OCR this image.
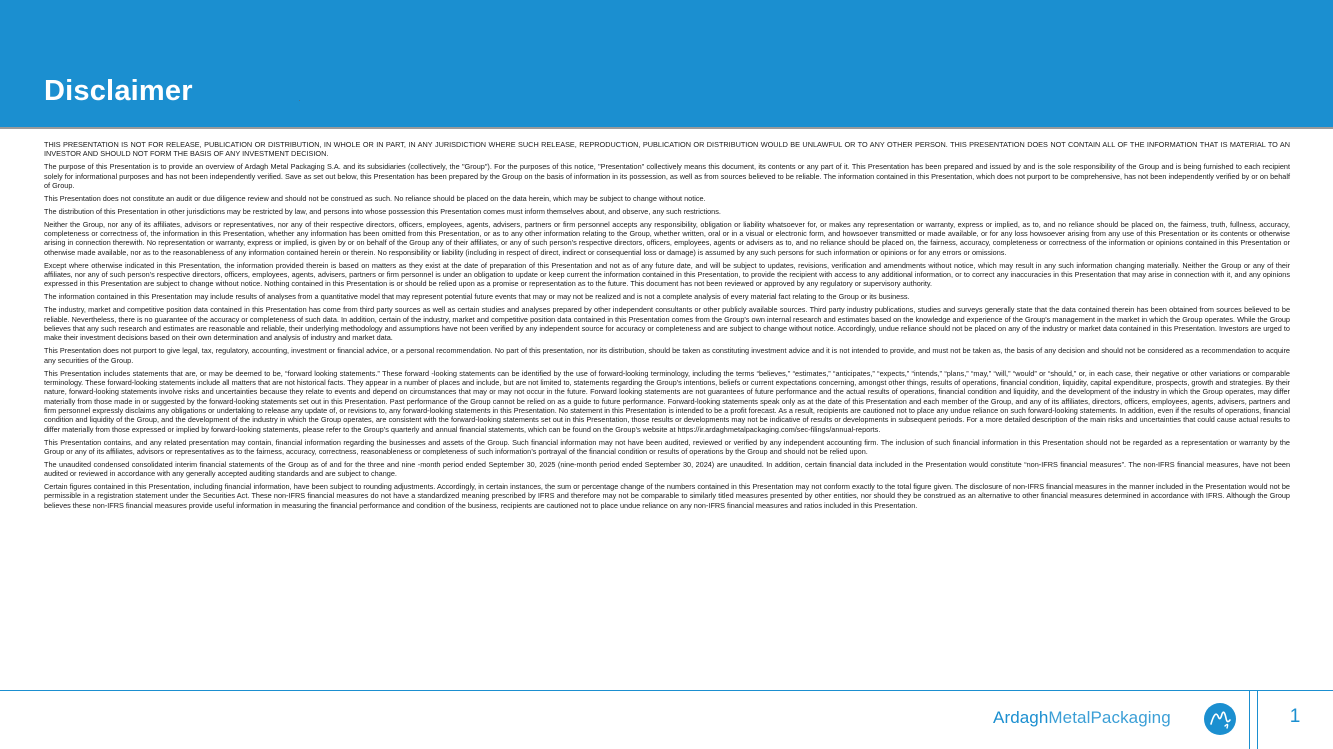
Disclaimer

THIS PRESENTATION IS NOT FOR RELEASE, PUBLICATION OR DISTRIBUTION, IN WHOLE OR IN PART, IN ANY JURISDICTION WHERE SUCH RELEASE, REPRODUCTION, PUBLICATION OR DISTRIBUTION WOULD BE UNLAWFUL OR TO ANY OTHER PERSON. THIS PRESENTATION DOES NOT CONTAIN ALL OF THE INFORMATION THAT IS MATERIAL TO AN INVESTOR AND SHOULD NOT FORM THE BASIS OF ANY INVESTMENT DECISION.

The purpose of this Presentation is to provide an overview of Ardagh Metal Packaging S.A. and its subsidiaries (collectively, the "Group"). For the purposes of this notice, "Presentation" collectively means this document, its contents or any part of it. This Presentation has been prepared and issued by and is the sole responsibility of the Group and is being furnished to each recipient solely for informational purposes and has not been independently verified. Save as set out below, this Presentation has been prepared by the Group on the basis of information in its possession, as well as from sources believed to be reliable. The information contained in this Presentation, which does not purport to be comprehensive, has not been independently verified by or on behalf of Group.

This Presentation does not constitute an audit or due diligence review and should not be construed as such. No reliance should be placed on the data herein, which may be subject to change without notice.

The distribution of this Presentation in other jurisdictions may be restricted by law, and persons into whose possession this Presentation comes must inform themselves about, and observe, any such restrictions.

Neither the Group, nor any of its affiliates, advisors or representatives, nor any of their respective directors, officers, employees, agents, advisers, partners or firm personnel accepts any responsibility, obligation or liability whatsoever for, or makes any representation or warranty, express or implied, as to, and no reliance should be placed on, the fairness, truth, fullness, accuracy, completeness or correctness of, the information in this Presentation, whether any information has been omitted from this Presentation, or as to any other information relating to the Group, whether written, oral or in a visual or electronic form, and howsoever transmitted or made available, or for any loss howsoever arising from any use of this Presentation or its contents or otherwise arising in connection therewith. No representation or warranty, express or implied, is given by or on behalf of the Group any of their affiliates, or any of such person's respective directors, officers, employees, agents or advisers as to, and no reliance should be placed on, the fairness, accuracy, completeness or correctness of the information or opinions contained in this Presentation or otherwise made available, nor as to the reasonableness of any information contained herein or therein. No responsibility or liability (including in respect of direct, indirect or consequential loss or damage) is assumed by any such persons for such information or opinions or for any errors or omissions.

Except where otherwise indicated in this Presentation, the information provided therein is based on matters as they exist at the date of preparation of this Presentation and not as of any future date, and will be subject to updates, revisions, verification and amendments without notice, which may result in any such information changing materially. Neither the Group or any of their affiliates, nor any of such person's respective directors, officers, employees, agents, advisers, partners or firm personnel is under an obligation to update or keep current the information contained in this Presentation, to provide the recipient with access to any additional information, or to correct any inaccuracies in this Presentation that may arise in connection with it, and any opinions expressed in this Presentation are subject to change without notice. Nothing contained in this Presentation is or should be relied upon as a promise or representation as to the future. This document has not been reviewed or approved by any regulatory or supervisory authority.

The information contained in this Presentation may include results of analyses from a quantitative model that may represent potential future events that may or may not be realized and is not a complete analysis of every material fact relating to the Group or its business.

The industry, market and competitive position data contained in this Presentation has come from third party sources as well as certain studies and analyses prepared by other independent consultants or other publicly available sources. Third party industry publications, studies and surveys generally state that the data contained therein has been obtained from sources believed to be reliable. Nevertheless, there is no guarantee of the accuracy or completeness of such data. In addition, certain of the industry, market and competitive position data contained in this Presentation comes from the Group's own internal research and estimates based on the knowledge and experience of the Group's management in the market in which the Group operates. While the Group believes that any such research and estimates are reasonable and reliable, their underlying methodology and assumptions have not been verified by any independent source for accuracy or completeness and are subject to change without notice. Accordingly, undue reliance should not be placed on any of the industry or market data contained in this Presentation. Investors are urged to make their investment decisions based on their own determination and analysis of industry and market data.

This Presentation does not purport to give legal, tax, regulatory, accounting, investment or financial advice, or a personal recommendation. No part of this presentation, nor its distribution, should be taken as constituting investment advice and it is not intended to provide, and must not be taken as, the basis of any decision and should not be considered as a recommendation to acquire any securities of the Group.

This Presentation includes statements that are, or may be deemed to be, “forward looking statements.” These forward -looking statements can be identified by the use of forward-looking terminology, including the terms “believes,” “estimates,” “anticipates,” “expects,” “intends,” “plans,” “may,” “will,” “would” or “should,” or, in each case, their negative or other variations or comparable terminology. These forward-looking statements include all matters that are not historical facts. They appear in a number of places and include, but are not limited to, statements regarding the Group’s intentions, beliefs or current expectations concerning, amongst other things, results of operations, financial condition, liquidity, capital expenditure, prospects, growth and strategies. By their nature, forward-looking statements involve risks and uncertainties because they relate to events and depend on circumstances that may or may not occur in the future. Forward looking statements are not guarantees of future performance and the actual results of operations, financial condition and liquidity, and the development of the industry in which the Group operates, may differ materially from those made in or suggested by the forward-looking statements set out in this Presentation. Past performance of the Group cannot be relied on as a guide to future performance. Forward-looking statements speak only as at the date of this Presentation and each member of the Group, and any of its affiliates, directors, officers, employees, agents, advisers, partners and firm personnel expressly disclaims any obligations or undertaking to release any update of, or revisions to, any forward-looking statements in this Presentation. No statement in this Presentation is intended to be a profit forecast. As a result, recipients are cautioned not to place any undue reliance on such forward-looking statements. In addition, even if the results of operations, financial condition and liquidity of the Group, and the development of the industry in which the Group operates, are consistent with the forward-looking statements set out in this Presentation, those results or developments may not be indicative of results or developments in subsequent periods. For a more detailed description of the main risks and uncertainties that could cause actual results to differ materially from those expressed or implied by forward-looking statements, please refer to the Group’s quarterly and annual financial statements, which can be found on the Group’s website at https://ir.ardaghmetalpackaging.com/sec-filings/annual-reports.

This Presentation contains, and any related presentation may contain, financial information regarding the businesses and assets of the Group. Such financial information may not have been audited, reviewed or verified by any independent accounting firm. The inclusion of such financial information in this Presentation should not be regarded as a representation or warranty by the Group or any of its affiliates, advisors or representatives as to the fairness, accuracy, correctness, reasonableness or completeness of such information’s portrayal of the financial condition or results of operations by the Group and should not be relied upon.

The unaudited condensed consolidated interim financial statements of the Group as of and for the three and nine -month period ended September 30, 2025 (nine-month period ended September 30, 2024) are unaudited. In addition, certain financial data included in the Presentation would constitute “non-IFRS financial measures”. The non-IFRS financial measures, have not been audited or reviewed in accordance with any generally accepted auditing standards and are subject to change.

Certain figures contained in this Presentation, including financial information, have been subject to rounding adjustments. Accordingly, in certain instances, the sum or percentage change of the numbers contained in this Presentation may not conform exactly to the total figure given. The disclosure of non-IFRS financial measures in the manner included in the Presentation would not be permissible in a registration statement under the Securities Act. These non-IFRS financial measures do not have a standardized meaning prescribed by IFRS and therefore may not be comparable to similarly titled measures presented by other entities, nor should they be construed as an alternative to other financial measures determined in accordance with IFRS. Although the Group believes these non-IFRS financial measures provide useful information in measuring the financial performance and condition of the business, recipients are cautioned not to place undue reliance on any non-IFRS financial measures and ratios included in this Presentation.

ArdaghMetalPackaging	1
